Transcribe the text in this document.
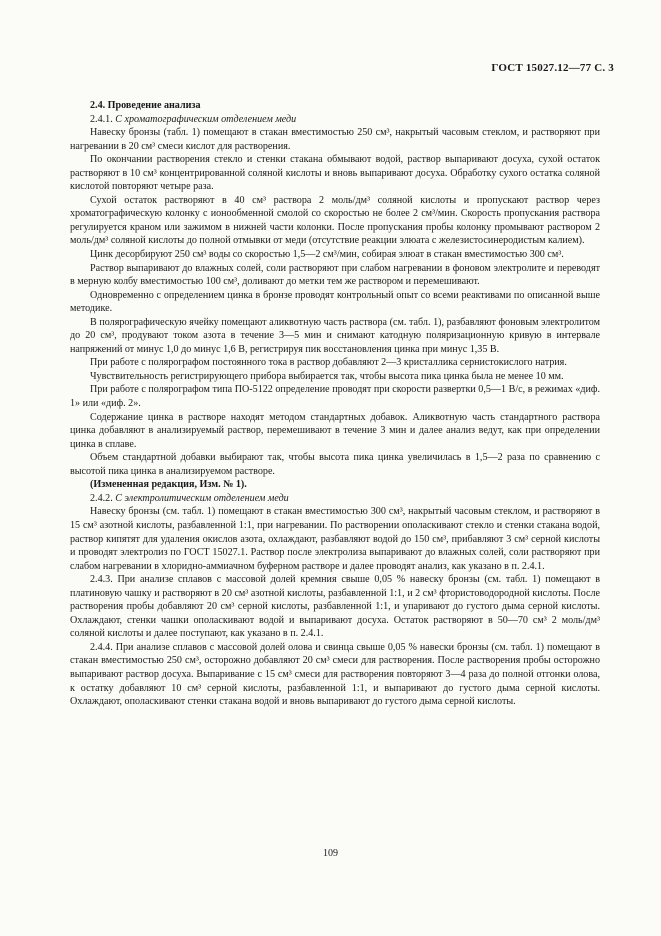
ГОСТ 15027.12—77 С. 3

2.4. Проведение анализа

2.4.1. С хроматографическим отделением меди

Навеску бронзы (табл. 1) помещают в стакан вместимостью 250 см³, накрытый часовым стеклом, и растворяют при нагревании в 20 см³ смеси кислот для растворения.

По окончании растворения стекло и стенки стакана обмывают водой, раствор выпаривают досуха, сухой остаток растворяют в 10 см³ концентрированной соляной кислоты и вновь выпаривают досуха. Обработку сухого остатка соляной кислотой повторяют четыре раза.

Сухой остаток растворяют в 40 см³ раствора 2 моль/дм³ соляной кислоты и пропускают раствор через хроматографическую колонку с ионообменной смолой со скоростью не более 2 см³/мин. Скорость пропускания раствора регулируется краном или зажимом в нижней части колонки. После пропускания пробы колонку промывают раствором 2 моль/дм³ соляной кислоты до полной отмывки от меди (отсутствие реакции элюата с железистосинеродистым калием).

Цинк десорбируют 250 см³ воды со скоростью 1,5—2 см³/мин, собирая элюат в стакан вместимостью 300 см³.

Раствор выпаривают до влажных солей, соли растворяют при слабом нагревании в фоновом электролите и переводят в мерную колбу вместимостью 100 см³, доливают до метки тем же раствором и перемешивают.

Одновременно с определением цинка в бронзе проводят контрольный опыт со всеми реактивами по описанной выше методике.

В полярографическую ячейку помещают аликвотную часть раствора (см. табл. 1), разбавляют фоновым электролитом до 20 см³, продувают током азота в течение 3—5 мин и снимают катодную поляризационную кривую в интервале напряжений от минус 1,0 до минус 1,6 В, регистрируя пик восстановления цинка при минус 1,35 В.

При работе с полярографом постоянного тока в раствор добавляют 2—3 кристаллика сернистокислого натрия.

Чувствительность регистрирующего прибора выбирается так, чтобы высота пика цинка была не менее 10 мм.

При работе с полярографом типа ПО-5122 определение проводят при скорости развертки 0,5—1 В/с, в режимах «диф. 1» или «диф. 2».

Содержание цинка в растворе находят методом стандартных добавок. Аликвотную часть стандартного раствора цинка добавляют в анализируемый раствор, перемешивают в течение 3 мин и далее анализ ведут, как при определении цинка в сплаве.

Объем стандартной добавки выбирают так, чтобы высота пика цинка увеличилась в 1,5—2 раза по сравнению с высотой пика цинка в анализируемом растворе.

(Измененная редакция, Изм. № 1).

2.4.2. С электролитическим отделением меди

Навеску бронзы (см. табл. 1) помещают в стакан вместимостью 300 см³, накрытый часовым стеклом, и растворяют в 15 см³ азотной кислоты, разбавленной 1:1, при нагревании. По растворении ополаскивают стекло и стенки стакана водой, раствор кипятят для удаления окислов азота, охлаждают, разбавляют водой до 150 см³, прибавляют 3 см³ серной кислоты и проводят электролиз по ГОСТ 15027.1. Раствор после электролиза выпаривают до влажных солей, соли растворяют при слабом нагревании в хлоридно-аммиачном буферном растворе и далее проводят анализ, как указано в п. 2.4.1.

2.4.3. При анализе сплавов с массовой долей кремния свыше 0,05 % навеску бронзы (см. табл. 1) помещают в платиновую чашку и растворяют в 20 см³ азотной кислоты, разбавленной 1:1, и 2 см³ фтористоводородной кислоты. После растворения пробы добавляют 20 см³ серной кислоты, разбавленной 1:1, и упаривают до густого дыма серной кислоты. Охлаждают, стенки чашки ополаскивают водой и выпаривают досуха. Остаток растворяют в 50—70 см³ 2 моль/дм³ соляной кислоты и далее поступают, как указано в п. 2.4.1.

2.4.4. При анализе сплавов с массовой долей олова и свинца свыше 0,05 % навески бронзы (см. табл. 1) помещают в стакан вместимостью 250 см³, осторожно добавляют 20 см³ смеси для растворения. После растворения пробы осторожно выпаривают раствор досуха. Выпаривание с 15 см³ смеси для растворения повторяют 3—4 раза до полной отгонки олова, к остатку добавляют 10 см³ серной кислоты, разбавленной 1:1, и выпаривают до густого дыма серной кислоты. Охлаждают, ополаскивают стенки стакана водой и вновь выпаривают до густого дыма серной кислоты.

109
